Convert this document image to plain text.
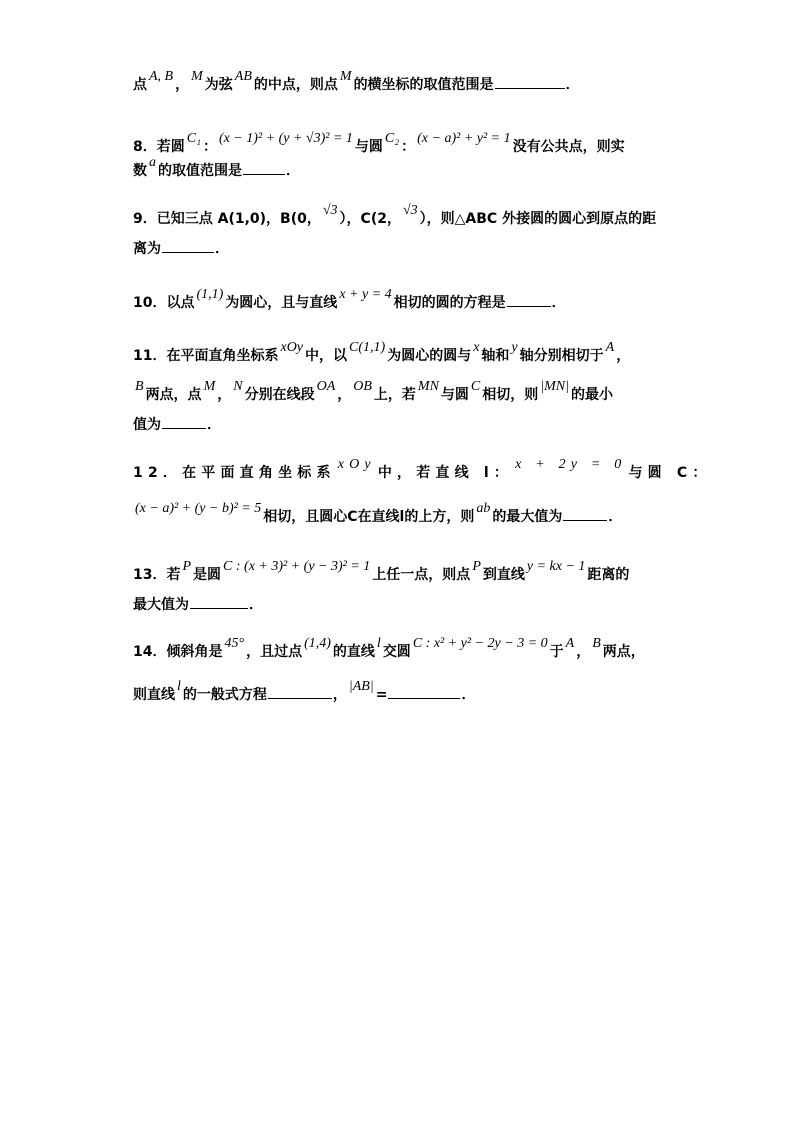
点A, B，M为弦AB的中点，则点M的横坐标的取值范围是	．
8．若圆C₁：(x − 1)² + (y + √3)² = 1与圆C₂：(x − a)² + y² = 1没有公共点，则实
数a的取值范围是	．
9．已知三点 A(1,0)，B(0，√3），C(2，√3），则△ABC 外接圆的圆心到原点的距
离为	．
10．以点(1,1)为圆心，且与直线x + y = 4相切的圆的方程是	．
11．在平面直角坐标系xOy中，以C(1,1)为圆心的圆与x轴和y轴分别相切于A，
B两点，点M，N分别在线段OA，OB上，若MN与圆C相切，则|MN|的最小
值为	．
12．在平面直角坐标系xOy中，若直线 l：x + 2y = 0与圆 C：
(x − a)² + (y − b)² = 5相切，且圆心C在直线l的上方，则ab的最大值为	．
13．若P是圆C : (x + 3)² + (y − 3)² = 1上任一点，则点P到直线y = kx − 1距离的
最大值为	．
14．倾斜角是45°，且过点(1,4)的直线l交圆C : x² + y² − 2y − 3 = 0于A，B两点，
则直线l的一般式方程	，|AB|=	．
